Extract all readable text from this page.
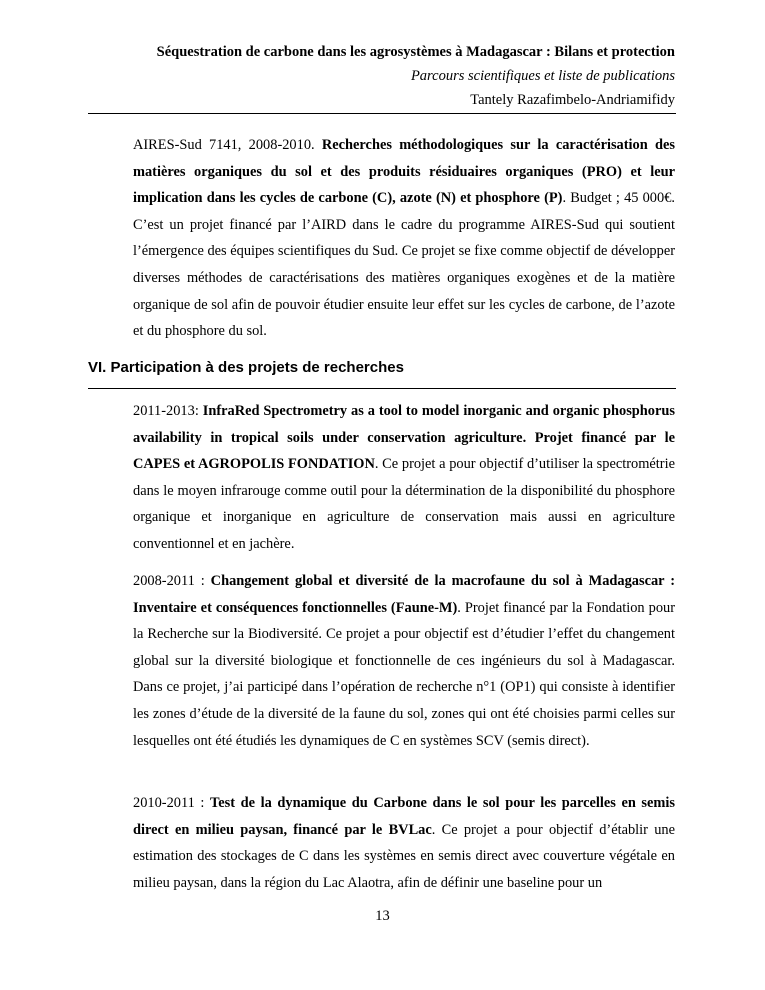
Séquestration de carbone dans les agrosystèmes à Madagascar : Bilans et protection
Parcours scientifiques et liste de publications
Tantely Razafimbelo-Andriamifidy
AIRES-Sud 7141, 2008-2010. Recherches méthodologiques sur la caractérisation des matières organiques du sol et des produits résiduaires organiques (PRO) et leur implication dans les cycles de carbone (C), azote (N) et phosphore (P). Budget ; 45 000€. C’est un projet financé par l’AIRD dans le cadre du programme AIRES-Sud qui soutient l’émergence des équipes scientifiques du Sud. Ce projet se fixe comme objectif de développer diverses méthodes de caractérisations des matières organiques exogènes et de la matière organique de sol afin de pouvoir étudier ensuite leur effet sur les cycles de carbone, de l’azote et du phosphore du sol.
VI. Participation à des projets de recherches
2011-2013: InfraRed Spectrometry as a tool to model inorganic and organic phosphorus availability in tropical soils under conservation agriculture. Projet financé par le CAPES et AGROPOLIS FONDATION. Ce projet a pour objectif d’utiliser la spectrométrie dans le moyen infrarouge comme outil pour la détermination de la disponibilité du phosphore organique et inorganique en agriculture de conservation mais aussi en agriculture conventionnel et en jachère.
2008-2011 : Changement global et diversité de la macrofaune du sol à Madagascar : Inventaire et conséquences fonctionnelles (Faune-M). Projet financé par la Fondation pour la Recherche sur la Biodiversité. Ce projet a pour objectif est d’étudier l’effet du changement global sur la diversité biologique et fonctionnelle de ces ingénieurs du sol à Madagascar. Dans ce projet, j’ai participé dans l’opération de recherche n°1 (OP1) qui consiste à identifier les zones d’étude de la diversité de la faune du sol, zones qui ont été choisies parmi celles sur lesquelles ont été étudiés les dynamiques de C en systèmes SCV (semis direct).
2010-2011 : Test de la dynamique du Carbone dans le sol pour les parcelles en semis direct en milieu paysan, financé par le BVLac. Ce projet a pour objectif d’établir une estimation des stockages de C dans les systèmes en semis direct avec couverture végétale en milieu paysan, dans la région du Lac Alaotra, afin de définir une baseline pour un
13
